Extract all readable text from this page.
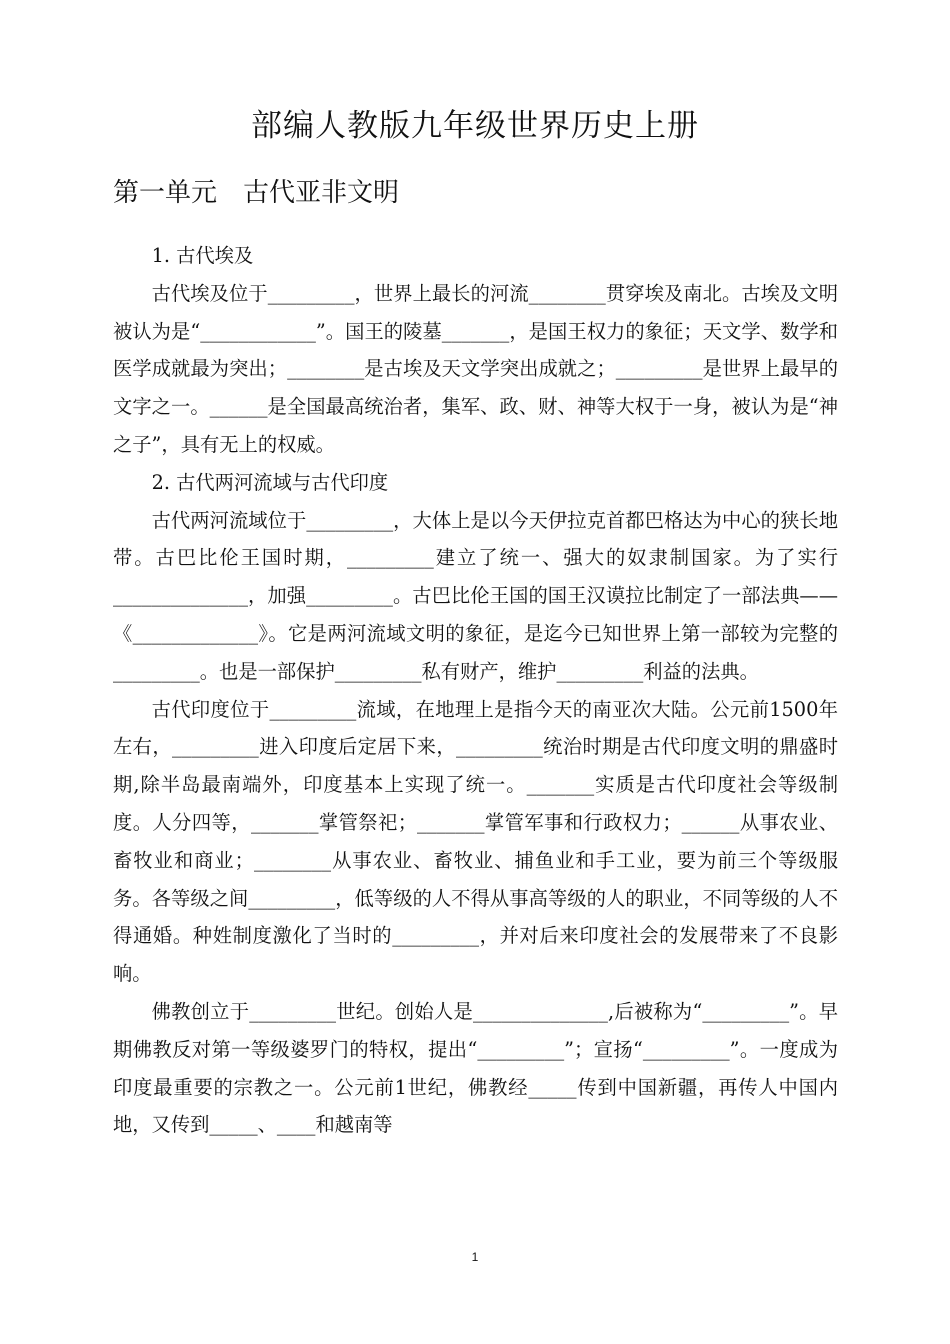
部编人教版九年级世界历史上册
第一单元　古代亚非文明

1. 古代埃及

古代埃及位于_________，世界上最长的河流________贯穿埃及南北。古埃及文明被认为是“____________”。国王的陵墓_______，是国王权力的象征；天文学、数学和医学成就最为突出；________是古埃及天文学突出成就之；_________是世界上最早的文字之一。______是全国最高统治者，集军、政、财、神等大权于一身，被认为是“神之子”，具有无上的权威。

2. 古代两河流域与古代印度

古代两河流域位于_________，大体上是以今天伊拉克首都巴格达为中心的狭长地带。古巴比伦王国时期，_________建立了统一、强大的奴隶制国家。为了实行______________，加强_________。古巴比伦王国的国王汉谟拉比制定了一部法典——《_____________》。它是两河流域文明的象征，是迄今已知世界上第一部较为完整的_________。也是一部保护_________私有财产，维护_________利益的法典。

古代印度位于_________流域，在地理上是指今天的南亚次大陆。公元前1500年左右，_________进入印度后定居下来，_________统治时期是古代印度文明的鼎盛时期,除半岛最南端外，印度基本上实现了统一。_______实质是古代印度社会等级制度。人分四等，_______掌管祭祀；_______掌管军事和行政权力；______从事农业、畜牧业和商业；________从事农业、畜牧业、捕鱼业和手工业，要为前三个等级服务。各等级之间_________，低等级的人不得从事高等级的人的职业，不同等级的人不得通婚。种姓制度激化了当时的_________，并对后来印度社会的发展带来了不良影响。

佛教创立于_________世纪。创始人是______________,后被称为“_________”。早期佛教反对第一等级婆罗门的特权，提出“_________”；宣扬“_________”。一度成为印度最重要的宗教之一。公元前1世纪，佛教经_____传到中国新疆，再传人中国内地，又传到_____、____和越南等

1
